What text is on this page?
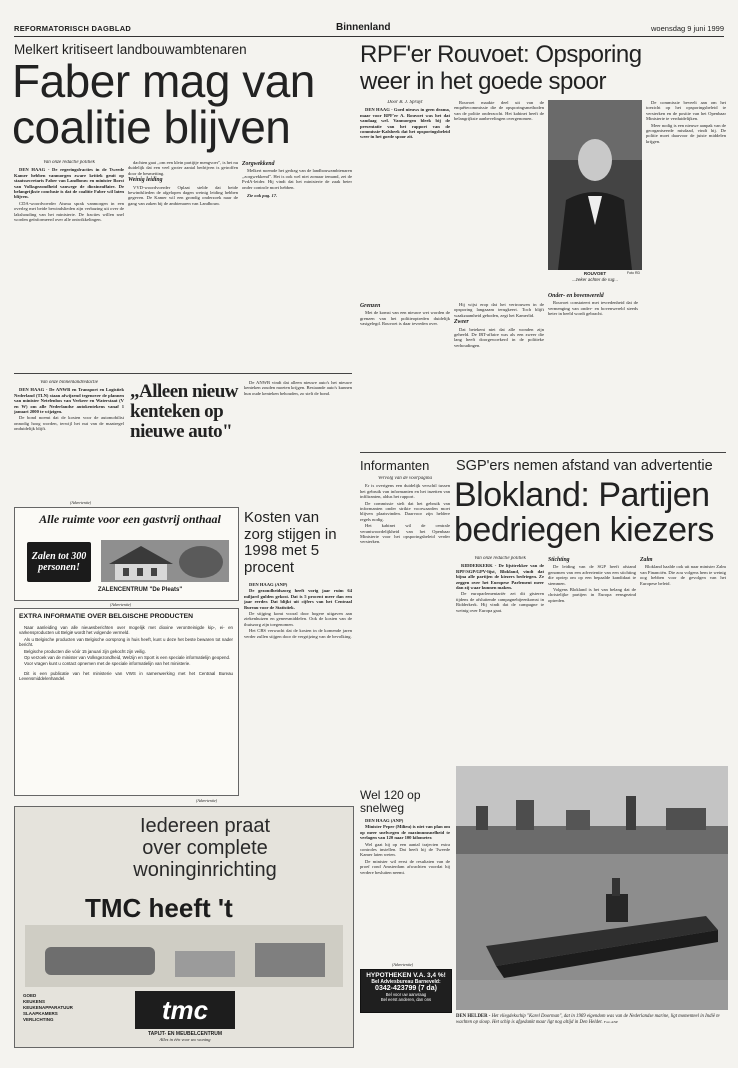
REFORMATORISCH DAGBLAD	Binnenland	woensdag 9 juni 1999
Melkert kritiseert landbouwambtenaren
Faber mag van
coalitie blijven
Van onze redactie politiek

DEN HAAG - De regeringsfracties in de Tweede Kamer hebben vanmorgen zware kritiek geuit op staatssecretaris Faber van Landbouw en minister Borst van Volksgezondheid vanwege de dioxineaffaire. De belangrijkste conclusie is dat de coalitie Faber wil laten blijven.

CDA-woordvoerder Atsma sprak vanmorgen in een overleg met beide bewindslieden zijn verbazing uit over de lakshouding van het ministerie. De fracties willen snel worden geïnformeerd over alle ontwikkelingen.

dachten gaat ,,om een klein partijtje mengvoer", is het nu duidelijk dat een veel groter aantal bedrijven is getroffen door de besmetting.

Weinig leiding

VVD-woordvoerder Oplaat stelde dat beide bewindslieden de afgelopen dagen weinig leiding hebben gegeven. De Kamer wil een grondig onderzoek naar de gang van zaken bij de ambtenaren van Landbouw.

Zorgwekkend

Melkert noemde het gedrag van de landbouwambtenaren ,,zorgwekkend". Het is ook wel niet zomaar iemand, zei de PvdA-leider. Hij vindt dat het ministerie de zaak beter onder controle moet hebben.

Zie ook pag. 17.

Van onze binnenlandredactie

DEN HAAG - De ANWB en Transport en Logistiek Nederland (TLN) staan afwijzend tegenover de plannen van minister Netelenbos van Verkeer en Waterstaat (V en W) om alle Nederlandse autokentekens vanaf 1 januari 2000 te wijzigen.

De bond noemt dat de kosten voor de automobilist onnodig hoog worden, terwijl het nut van de maatregel onduidelijk blijft.

„Alleen nieuw kenteken op nieuwe auto"

De ANWB vindt dat alleen nieuwe auto's het nieuwe kenteken zouden moeten krijgen. Bestaande auto's kunnen hun oude kenteken behouden, zo stelt de bond.

(Advertentie)
Alle ruimte voor een gastvrij onthaal
Zalen tot 300 personen!
ZALENCENTRUM "De Pleats"
(Advertentie)
EXTRA INFORMATIE OVER BELGISCHE PRODUCTEN

Naar aanleiding van alle nieuwsberichten over mogelijk met dioxine verontreinigde kip-, ei- en varkensproducten uit België wordt het volgende vermeld.

Als u Belgische producten van Belgische oorsprong in huis heeft, kunt u deze het beste bewaren tot nader bericht.

Belgische producten die vóór 15 januari zijn gekocht zijn veilig.

Op verzoek van de minister van Volksgezondheid, Welzijn en Sport is een speciale informatielijn geopend.

Voor vragen kunt u contact opnemen met de speciale informatielijn van het ministerie.

Dit is een publicatie van het ministerie van VWS in samenwerking met het Centraal Bureau Levensmiddelenhandel.

(Advertentie)
Iedereen praat
over complete
woninginrichting
TMC heeft 't
GOED
KEUKENS
KEUKENAPPARATUUR
SLAAPKAMERS
VERLICHTING	tmc
TAPIJT- EN MEUBELCENTRUM
Alles in één voor uw woning
Kosten van zorg stijgen in 1998 met 5 procent

DEN HAAG (ANP)

De gezondheidszorg heeft vorig jaar ruim 64 miljard gulden gekost. Dat is 5 procent meer dan een jaar eerder. Dat blijkt uit cijfers van het Centraal Bureau voor de Statistiek.

De stijging komt vooral door hogere uitgaven aan ziekenhuizen en geneesmiddelen. Ook de kosten van de thuiszorg zijn toegenomen.

Het CBS verwacht dat de kosten in de komende jaren verder zullen stijgen door de vergrijzing van de bevolking.

RPF'er Rouvoet: Opsporing
weer in het goede spoor
Door B. J. Spruyt

DEN HAAG - Goed nieuws in geen drama, maar voor RPF'er A. Rouvoet was het dat vandaag wel. Vanmorgen bleek bij de presentatie van het rapport van de commissie-Kalsbeek dat het opsporingsbeleid weer in het goede spoor zit.

Rouvoet maakte deel uit van de enquêtecommissie die de opsporingsmethoden van de politie onderzocht. Het kabinet heeft de belangrijkste aanbevelingen overgenomen.

ROUVOET
...zeker achter de rug...
Foto RD

De commissie beveelt aan om het toezicht op het opsporingsbeleid te versterken en de positie van het Openbaar Ministerie te verduidelijken.

Meer nodig is een nieuwe aanpak van de georganiseerde misdaad, vindt hij. De politie moet daarvoor de juiste middelen krijgen.

Grenzen

Met de komst van een nieuwe wet worden de grenzen van het politieoptreden duidelijk vastgelegd. Rouvoet is daar tevreden over.

Hij wijst erop dat het vertrouwen in de opsporing langzaam terugkeert. Toch blijft waakzaamheid geboden, zegt het Kamerlid.

Zweer

Dat betekent niet dat alle wonden zijn geheeld. De IRT-affaire was als een zweer die lang heeft doorgewoekerd in de politieke verhoudingen.

Onder- en bovenwereld

Rouvoet constateert met tevredenheid dat de vermenging van onder- en bovenwereld steeds beter in beeld wordt gebracht.

Informanten
Vervolg van de voorpagina

Er is overigens een duidelijk verschil tussen het gebruik van informanten en het inzetten van infiltranten, aldus het rapport.

De commissie stelt dat het gebruik van informanten onder strikte voorwaarden moet blijven plaatsvinden. Daarvoor zijn heldere regels nodig.

Het kabinet wil de centrale verantwoordelijkheid van het Openbaar Ministerie voor het opsporingsbeleid verder versterken.

SGP'ers nemen afstand van advertentie
Blokland: Partijen
bedriegen kiezers
Van onze redactie politiek

RIDDERKERK - De lijsttrekker van de RPF/SGP/GPV-lijst, Blokland, vindt dat bijna alle partijen de kiezers bedriegen. Ze zeggen over het Europese Parlement meer dan zij waar kunnen maken.

De europarlementariër zei dit gisteren tijdens de afsluitende campagnebijeenkomst in Ridderkerk. Hij vindt dat de campagne te weinig over Europa gaat.

Stichting

De leiding van de SGP heeft afstand genomen van een advertentie van een stichting die opriep om op een bepaalde kandidaat te stemmen.

Volgens Blokland is het van belang dat de christelijke partijen in Europa eensgezind optreden.

Zalm

Blokland haalde ook uit naar minister Zalm van Financiën. Die zou volgens hem te weinig oog hebben voor de gevolgen van het Europese beleid.

Wel 120 op snelweg

DEN HAAG (ANP)

Minister Peper (Milieu) is niet van plan om op meer snelwegen de maximumsnelheid te verlagen van 120 naar 100 kilometer.

Wel gaat hij op een aantal trajecten extra controles instellen. Dat heeft hij de Tweede Kamer laten weten.

De minister wil eerst de resultaten van de proef rond Amsterdam afwachten voordat hij verdere besluiten neemt.

(Advertentie)
HYPOTHEKEN V.A. 3,4 %!
Bel Adviesbureau Barneveld:
0342-423799 (7 da)
Bel voor uw aanvraag
Bel eerst anderen, dan ons
DEN HELDER - Het vliegdekschip "Karel Doorman", dat in 1969 eigendom was van de Nederlandse marine, ligt momenteel in Indië te wachten op sloop. Het schip is afgedankt maar ligt nog altijd in Den Helder. Foto ANP
